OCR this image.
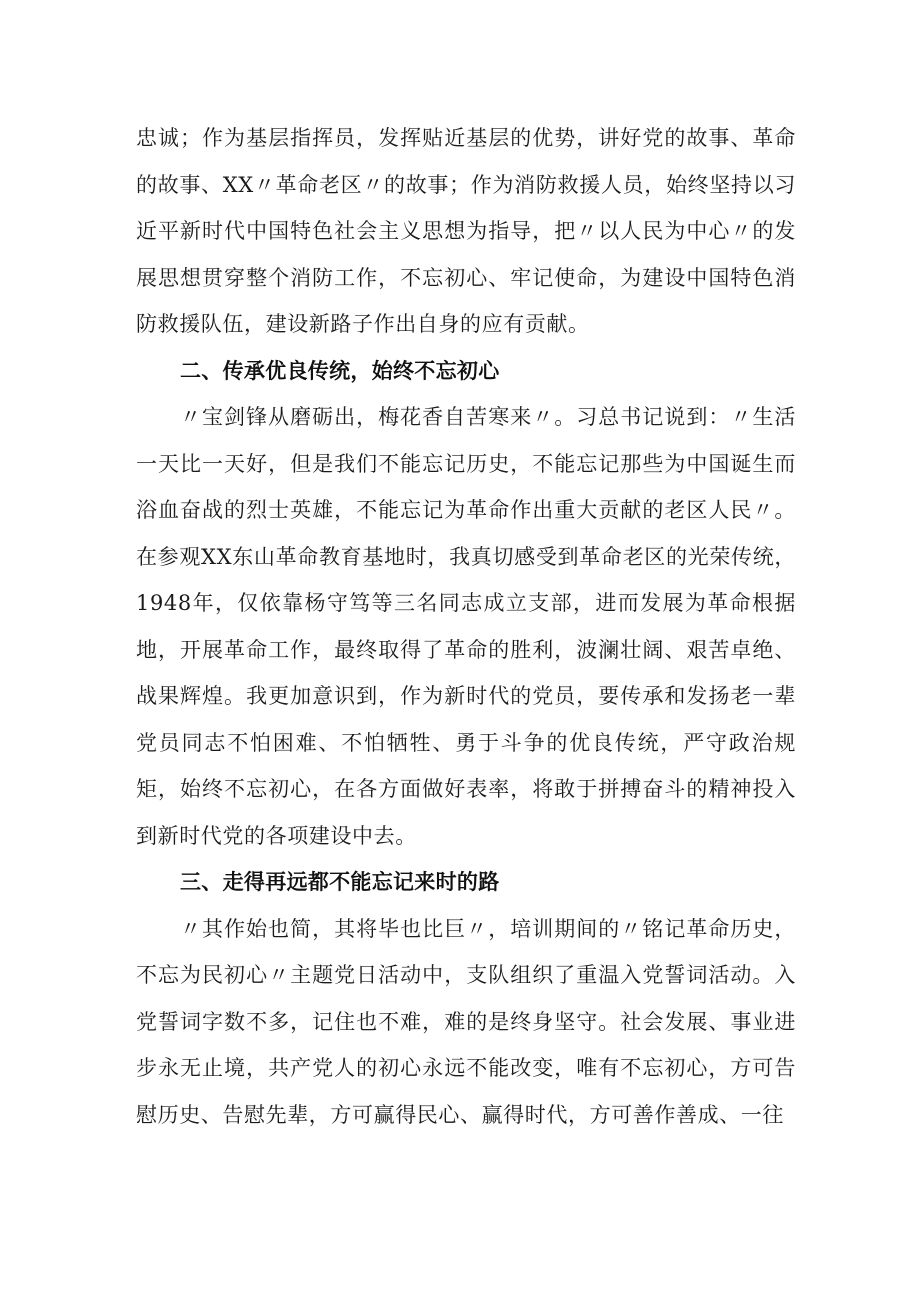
忠诚；作为基层指挥员，发挥贴近基层的优势，讲好党的故事、革命的故事、XX〃革命老区〃的故事；作为消防救援人员，始终坚持以习近平新时代中国特色社会主义思想为指导，把〃以人民为中心〃的发展思想贯穿整个消防工作，不忘初心、牢记使命，为建设中国特色消防救援队伍，建设新路子作出自身的应有贡献。

二、传承优良传统，始终不忘初心

〃宝剑锋从磨砺出，梅花香自苦寒来〃。习总书记说到：〃生活一天比一天好，但是我们不能忘记历史，不能忘记那些为中国诞生而浴血奋战的烈士英雄，不能忘记为革命作出重大贡献的老区人民〃。在参观XX东山革命教育基地时，我真切感受到革命老区的光荣传统，1948年，仅依靠杨守笃等三名同志成立支部，进而发展为革命根据地，开展革命工作，最终取得了革命的胜利，波澜壮阔、艰苦卓绝、战果辉煌。我更加意识到，作为新时代的党员，要传承和发扬老一辈党员同志不怕困难、不怕牺牲、勇于斗争的优良传统，严守政治规矩，始终不忘初心，在各方面做好表率，将敢于拼搏奋斗的精神投入到新时代党的各项建设中去。

三、走得再远都不能忘记来时的路

〃其作始也简，其将毕也比巨〃，培训期间的〃铭记革命历史，不忘为民初心〃主题党日活动中，支队组织了重温入党誓词活动。入党誓词字数不多，记住也不难，难的是终身坚守。社会发展、事业进步永无止境，共产党人的初心永远不能改变，唯有不忘初心，方可告慰历史、告慰先辈，方可赢得民心、赢得时代，方可善作善成、一往
